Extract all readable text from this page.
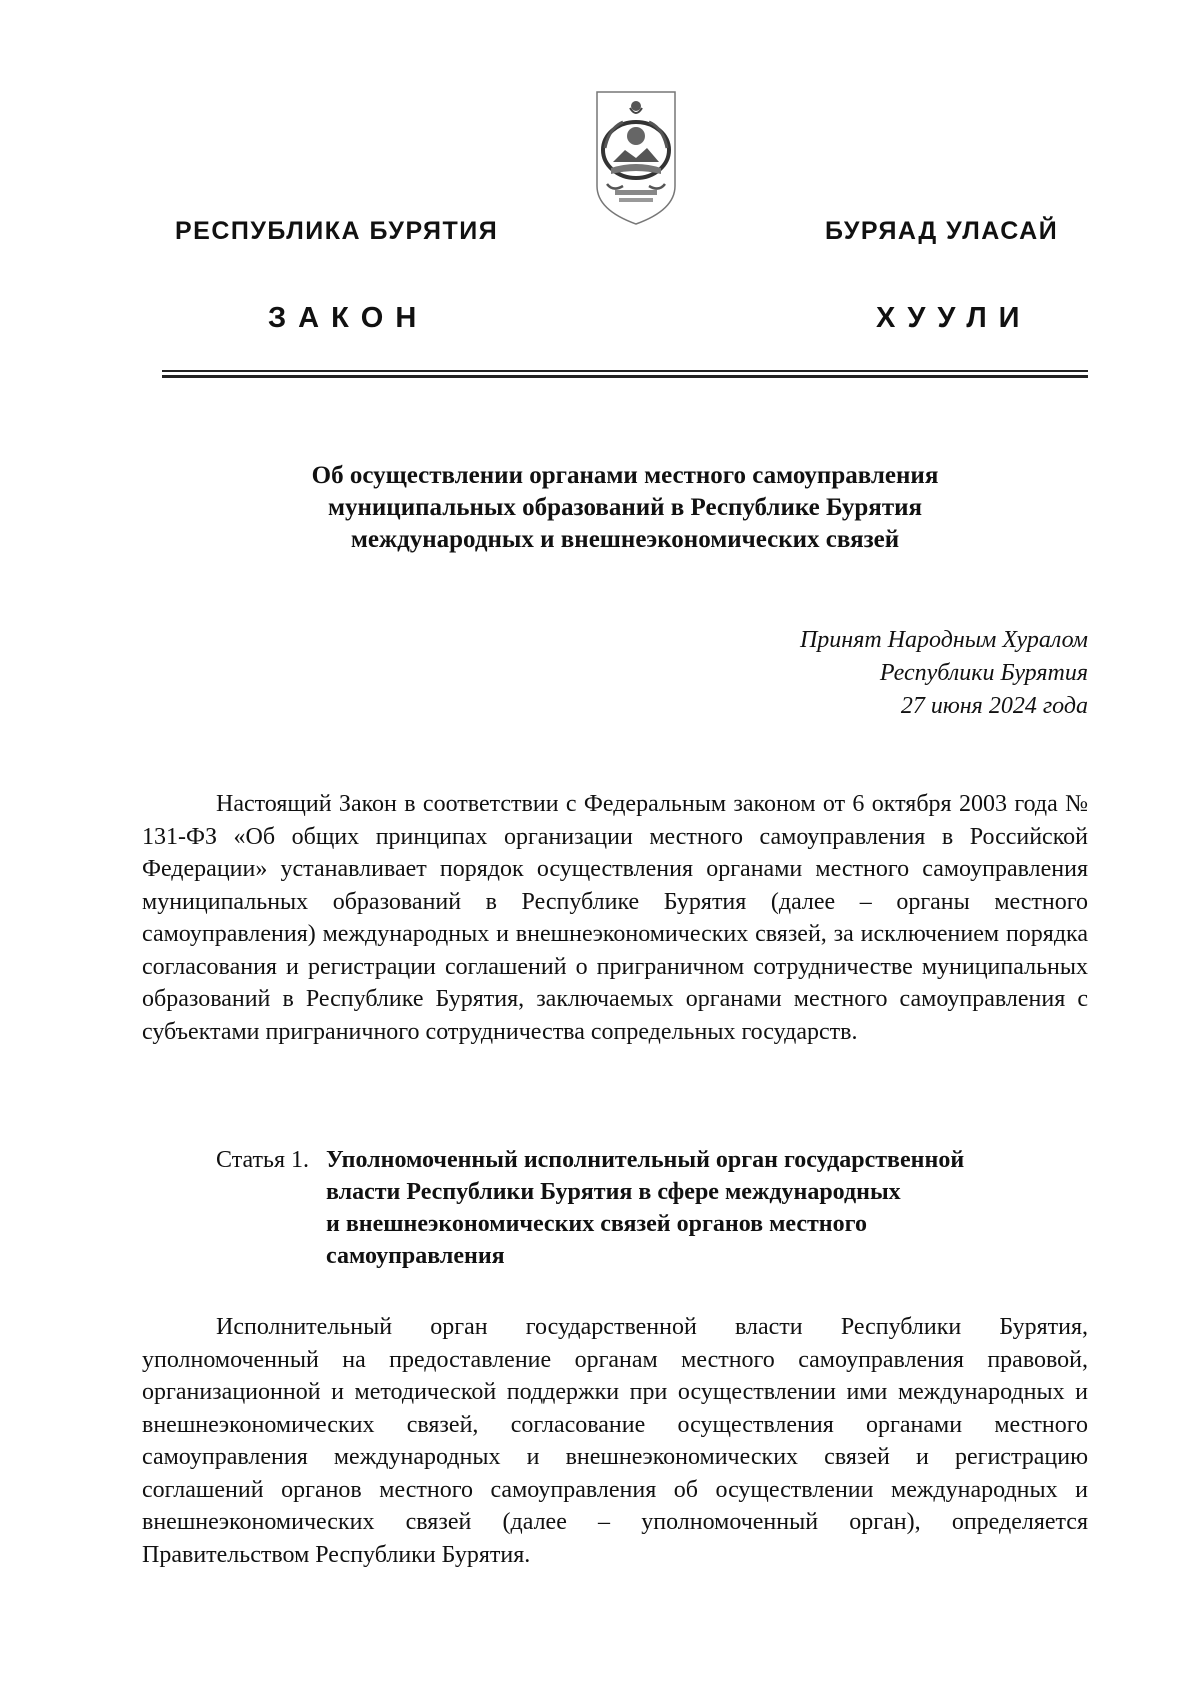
РЕСПУБЛИКА БУРЯТИЯ	БУРЯАД УЛАСАЙ
ЗАКОН	ХУУЛИ
Об осуществлении органами местного самоуправления
муниципальных образований в Республике Бурятия
международных и внешнеэкономических связей
Принят Народным Хуралом
Республики Бурятия
27 июня 2024 года
Настоящий Закон в соответствии с Федеральным законом от 6 октября 2003 года № 131-ФЗ «Об общих принципах организации местного самоуправления в Российской Федерации» устанавливает порядок осуществления органами местного самоуправления муниципальных образований в Республике Бурятия (далее – органы местного самоуправления) международных и внешнеэкономических связей, за исключением порядка согласования и регистрации соглашений о приграничном сотрудничестве муниципальных образований в Республике Бурятия, заключаемых органами местного самоуправления с субъектами приграничного сотрудничества сопредельных государств.
Статья 1. Уполномоченный исполнительный орган государственной
власти Республики Бурятия в сфере международных
и внешнеэкономических связей органов местного
самоуправления
Исполнительный орган государственной власти Республики Бурятия, уполномоченный на предоставление органам местного самоуправления правовой, организационной и методической поддержки при осуществлении ими международных и внешнеэкономических связей, согласование осуществления органами местного самоуправления международных и внешнеэкономических связей и регистрацию соглашений органов местного самоуправления об осуществлении международных и внешнеэкономических связей (далее – уполномоченный орган), определяется Правительством Республики Бурятия.
